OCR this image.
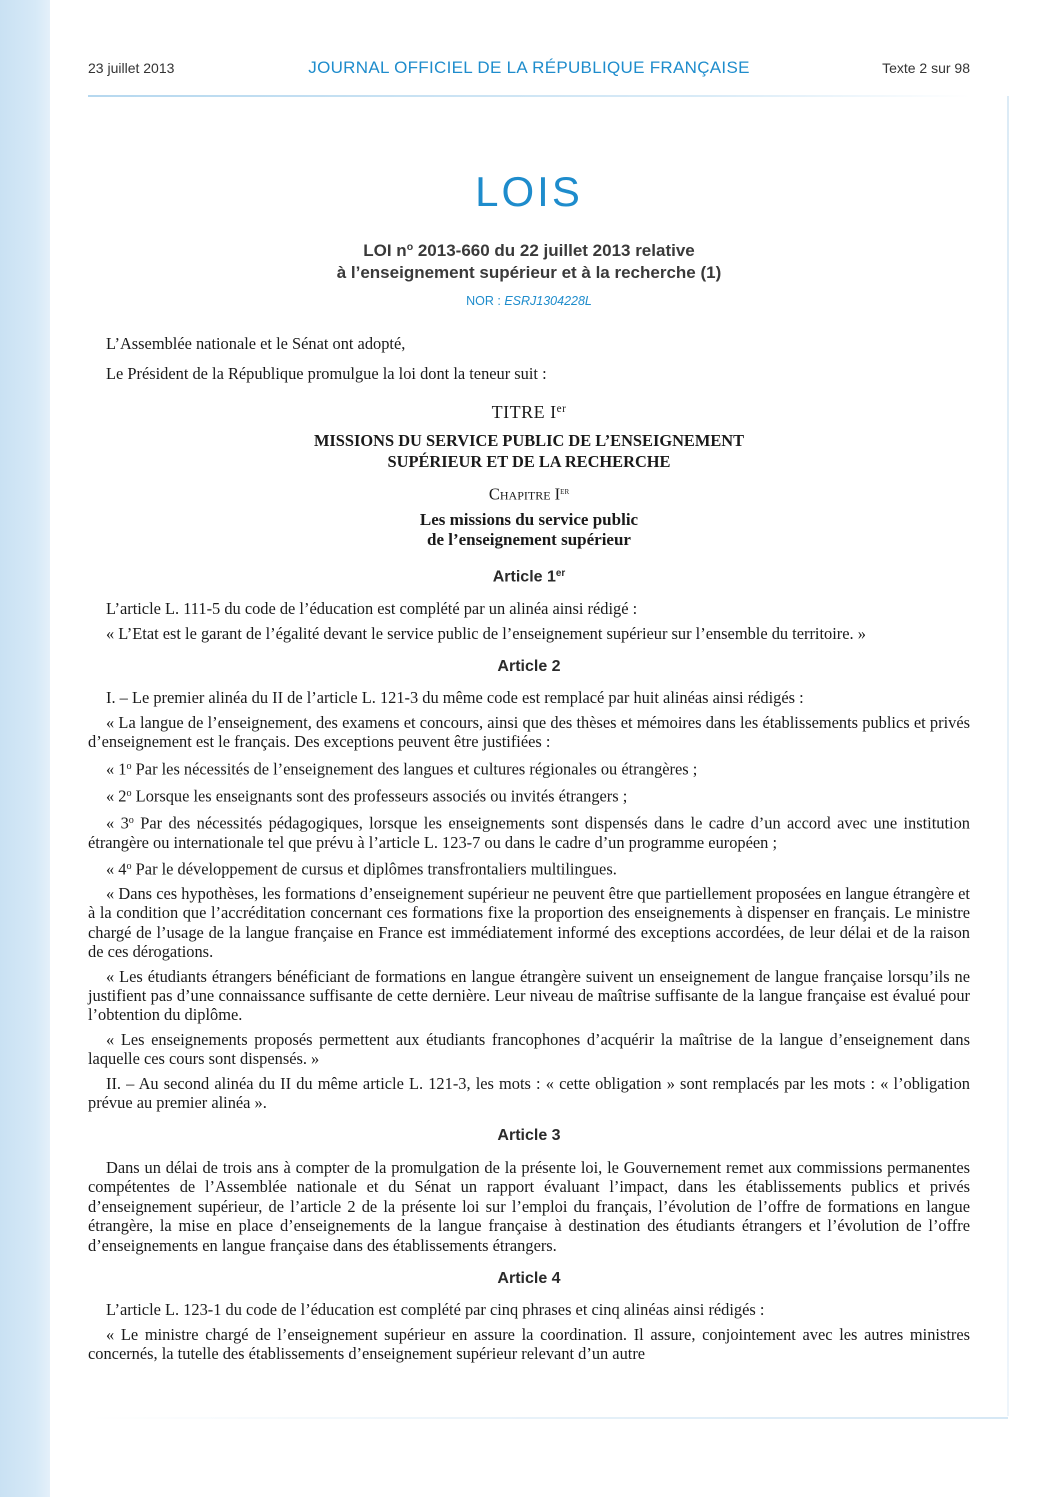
23 juillet 2013	JOURNAL OFFICIEL DE LA RÉPUBLIQUE FRANÇAISE	Texte 2 sur 98
LOIS
LOI $n^o$ 2013-660 du 22 juillet 2013 relative
à l’enseignement supérieur et à la recherche (1)
NOR : ESRJ1304228L

L’Assemblée nationale et le Sénat ont adopté,

Le Président de la République promulgue la loi dont la teneur suit :

TITRE Ier
MISSIONS DU SERVICE PUBLIC DE L’ENSEIGNEMENT
SUPÉRIEUR ET DE LA RECHERCHE
Chapitre Ier
Les missions du service public
de l’enseignement supérieur
Article 1er

L’article L. 111-5 du code de l’éducation est complété par un alinéa ainsi rédigé :

« L’Etat est le garant de l’égalité devant le service public de l’enseignement supérieur sur l’ensemble du territoire. »

Article 2

I. – Le premier alinéa du II de l’article L. 121-3 du même code est remplacé par huit alinéas ainsi rédigés :

« La langue de l’enseignement, des examens et concours, ainsi que des thèses et mémoires dans les établissements publics et privés d’enseignement est le français. Des exceptions peuvent être justifiées :

« 1$^o$ Par les nécessités de l’enseignement des langues et cultures régionales ou étrangères ;

« 2$^o$ Lorsque les enseignants sont des professeurs associés ou invités étrangers ;

« 3$^o$ Par des nécessités pédagogiques, lorsque les enseignements sont dispensés dans le cadre d’un accord avec une institution étrangère ou internationale tel que prévu à l’article L. 123-7 ou dans le cadre d’un programme européen ;

« 4$^o$ Par le développement de cursus et diplômes transfrontaliers multilingues.

« Dans ces hypothèses, les formations d’enseignement supérieur ne peuvent être que partiellement proposées en langue étrangère et à la condition que l’accréditation concernant ces formations fixe la proportion des enseignements à dispenser en français. Le ministre chargé de l’usage de la langue française en France est immédiatement informé des exceptions accordées, de leur délai et de la raison de ces dérogations.

« Les étudiants étrangers bénéficiant de formations en langue étrangère suivent un enseignement de langue française lorsqu’ils ne justifient pas d’une connaissance suffisante de cette dernière. Leur niveau de maîtrise suffisante de la langue française est évalué pour l’obtention du diplôme.

« Les enseignements proposés permettent aux étudiants francophones d’acquérir la maîtrise de la langue d’enseignement dans laquelle ces cours sont dispensés. »

II. – Au second alinéa du II du même article L. 121-3, les mots : « cette obligation » sont remplacés par les mots : « l’obligation prévue au premier alinéa ».

Article 3

Dans un délai de trois ans à compter de la promulgation de la présente loi, le Gouvernement remet aux commissions permanentes compétentes de l’Assemblée nationale et du Sénat un rapport évaluant l’impact, dans les établissements publics et privés d’enseignement supérieur, de l’article 2 de la présente loi sur l’emploi du français, l’évolution de l’offre de formations en langue étrangère, la mise en place d’enseignements de la langue française à destination des étudiants étrangers et l’évolution de l’offre d’enseignements en langue française dans des établissements étrangers.

Article 4

L’article L. 123-1 du code de l’éducation est complété par cinq phrases et cinq alinéas ainsi rédigés :

« Le ministre chargé de l’enseignement supérieur en assure la coordination. Il assure, conjointement avec les autres ministres concernés, la tutelle des établissements d’enseignement supérieur relevant d’un autre
